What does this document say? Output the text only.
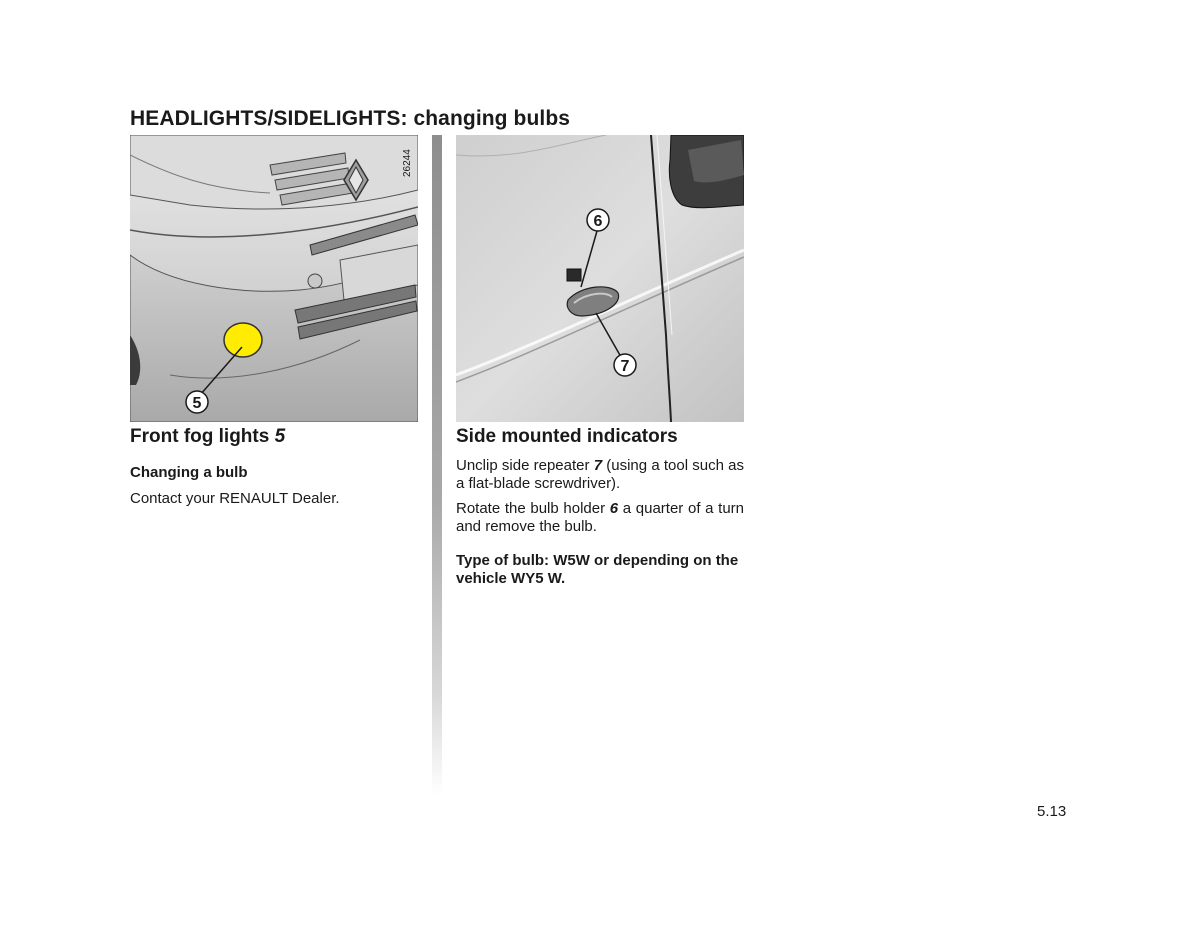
HEADLIGHTS/SIDELIGHTS: changing bulbs
5
26244
6
7
Front fog lights 5

Changing a bulb

Contact your RENAULT Dealer.

Side mounted indicators

Unclip side repeater 7 (using a tool such as a flat-blade screwdriver).

Rotate the bulb holder 6 a quarter of a turn and remove the bulb.

Type of bulb: W5W or depending on the vehicle WY5 W.

5.13
